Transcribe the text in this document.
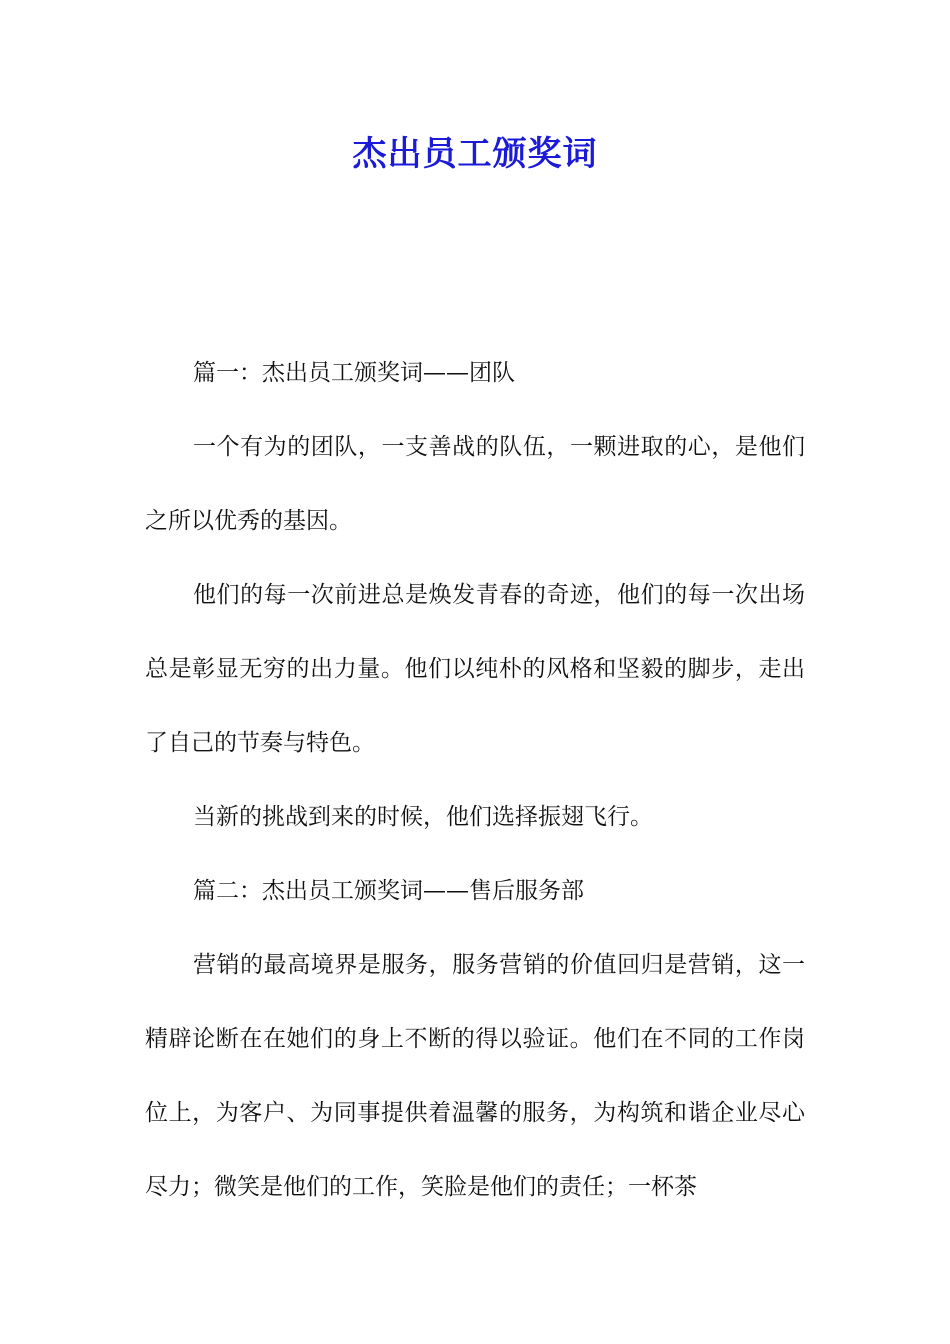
杰出员工颁奖词

篇一：杰出员工颁奖词——团队

一个有为的团队，一支善战的队伍，一颗进取的心，是他们之所以优秀的基因。

他们的每一次前进总是焕发青春的奇迹，他们的每一次出场总是彰显无穷的出力量。他们以纯朴的风格和坚毅的脚步，走出了自己的节奏与特色。

当新的挑战到来的时候，他们选择振翅飞行。

篇二：杰出员工颁奖词——售后服务部

营销的最高境界是服务，服务营销的价值回归是营销，这一精辟论断在在她们的身上不断的得以验证。他们在不同的工作岗位上，为客户、为同事提供着温馨的服务，为构筑和谐企业尽心尽力；微笑是他们的工作，笑脸是他们的责任；一杯茶
